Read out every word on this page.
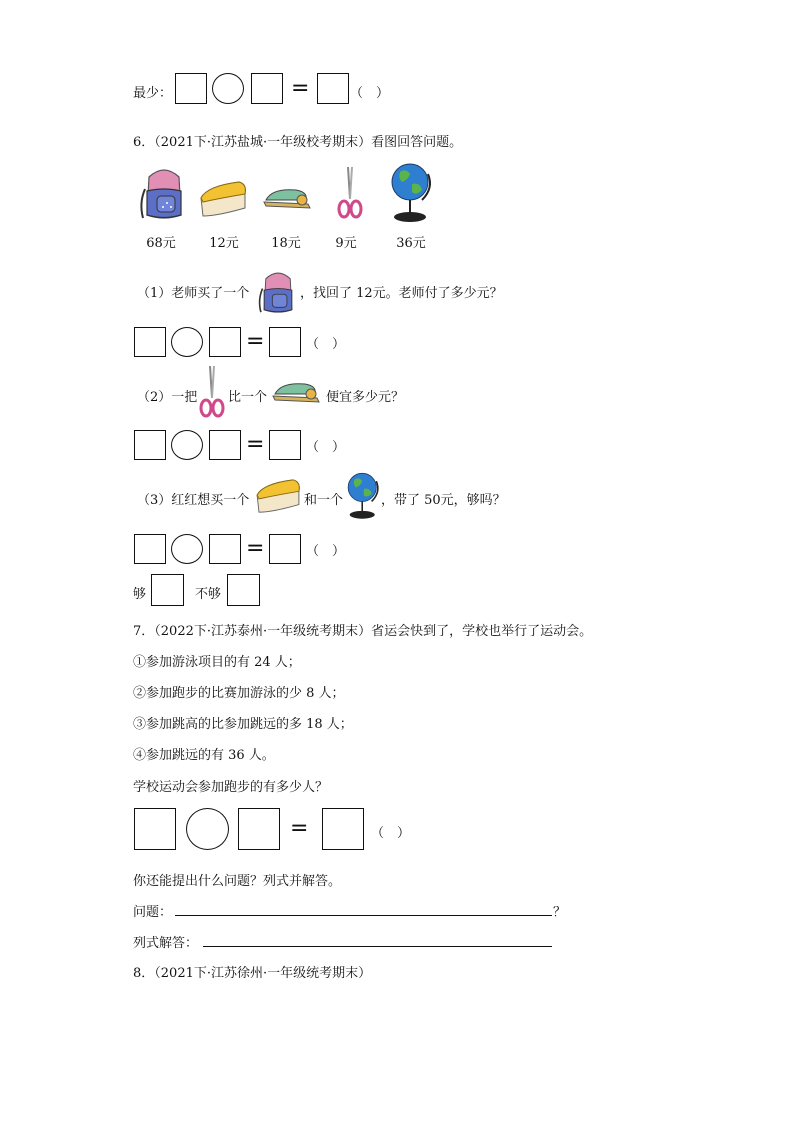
最少：	=	（　）
6．（2021下·江苏盐城·一年级校考期末）看图回答问题。
68元	12元	18元	9元	36元
（1）老师买了一个	，找回了 12元。老师付了多少元？
=	（　）
（2）一把 比一个	便宜多少元？
=	（　）
（3）红红想买一个	和一个	，带了 50元，够吗？
=	（　）
够	不够
7．（2022下·江苏泰州·一年级统考期末）省运会快到了，学校也举行了运动会。
①参加游泳项目的有 24 人；
②参加跑步的比赛加游泳的少 8 人；
③参加跳高的比参加跳远的多 18 人；
④参加跳远的有 36 人。
学校运动会参加跑步的有多少人？
=	（　）
你还能提出什么问题？列式并解答。
问题：	？
列式解答：
8．（2021下·江苏徐州·一年级统考期末）
